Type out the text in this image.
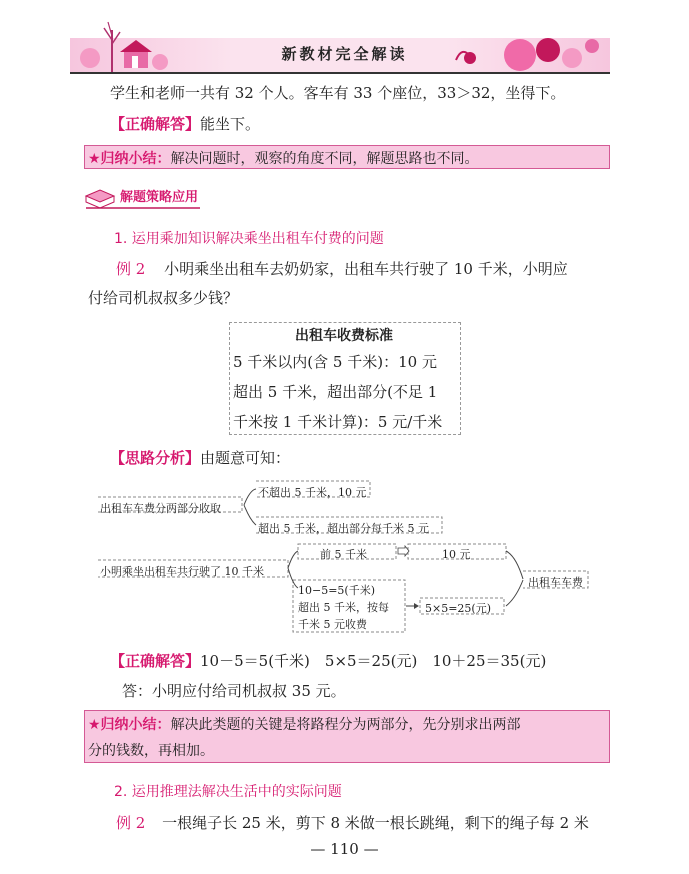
新教材完全解读
学生和老师一共有 32 个人。客车有 33 个座位，33＞32，坐得下。
【正确解答】能坐下。
★归纳小结：解决问题时，观察的角度不同，解题思路也不同。
解题策略应用
1. 运用乘加知识解决乘坐出租车付费的问题
例 2 小明乘坐出租车去奶奶家，出租车共行驶了 10 千米，小明应
付给司机叔叔多少钱？
出租车收费标准
5 千米以内(含 5 千米)：10 元
超出 5 千米，超出部分(不足 1
千米按 1 千米计算)：5 元/千米
【思路分析】由题意可知：
出租车车费分两部分收取
不超出 5 千米，10 元
超出 5 千米，超出部分每千米 5 元
小明乘坐出租车共行驶了 10 千米
前 5 千米	10 元
10−5=5(千米)
超出 5 千米，按每
千米 5 元收费
5×5=25(元)
出租车车费
【正确解答】10－5＝5(千米)　5×5＝25(元)　10＋25＝35(元)
答：小明应付给司机叔叔 35 元。
★归纳小结：解决此类题的关键是将路程分为两部分，先分别求出两部
分的钱数，再相加。
2. 运用推理法解决生活中的实际问题
例 2 一根绳子长 25 米，剪下 8 米做一根长跳绳，剩下的绳子每 2 米
— 110 —
